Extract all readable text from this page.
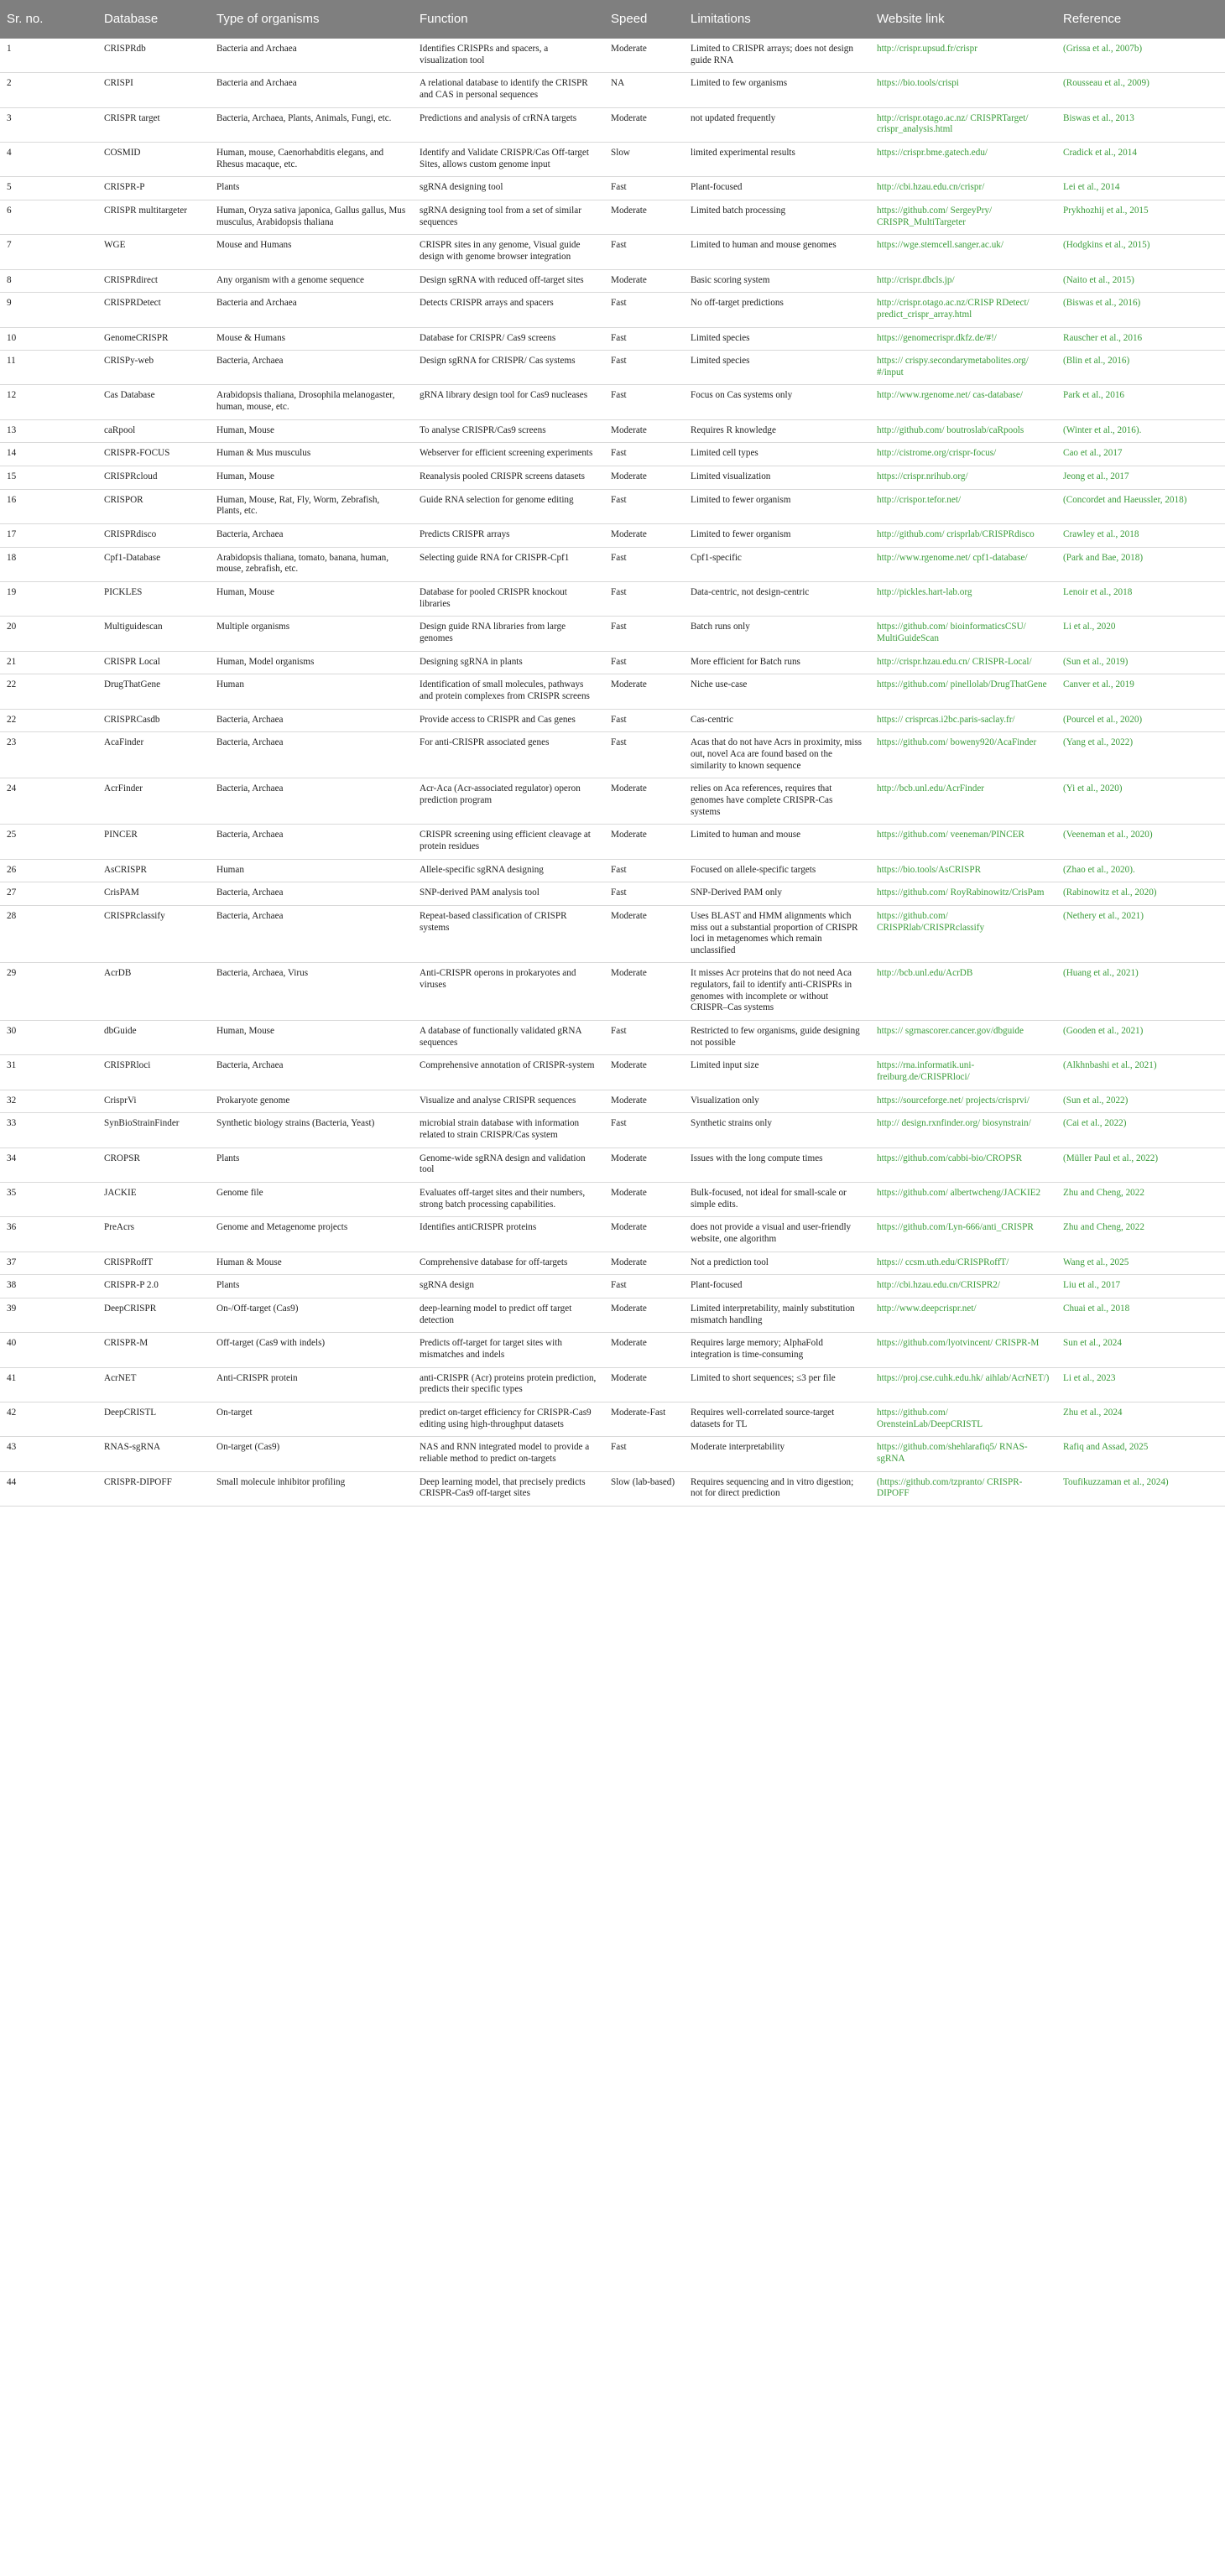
Sr. no.	Database	Type of organisms	Function	Speed	Limitations	Website link	Reference
1	CRISPRdb	Bacteria and Archaea	Identifies CRISPRs and spacers, a visualization tool	Moderate	Limited to CRISPR arrays; does not design guide RNA	http://crispr.upsud.fr/crispr	(Grissa et al., 2007b)
2	CRISPI	Bacteria and Archaea	A relational database to identify the CRISPR and CAS in personal sequences	NA	Limited to few organisms	https://bio.tools/crispi	(Rousseau et al., 2009)
3	CRISPR target	Bacteria, Archaea, Plants, Animals, Fungi, etc.	Predictions and analysis of crRNA targets	Moderate	not updated frequently	http://crispr.otago.ac.nz/ CRISPRTarget/ crispr_analysis.html	Biswas et al., 2013
4	COSMID	Human, mouse, Caenorhabditis elegans, and Rhesus macaque, etc.	Identify and Validate CRISPR/Cas Off-target Sites, allows custom genome input	Slow	limited experimental results	https://crispr.bme.gatech.edu/	Cradick et al., 2014
5	CRISPR-P	Plants	sgRNA designing tool	Fast	Plant-focused	http://cbi.hzau.edu.cn/crispr/	Lei et al., 2014
6	CRISPR multitargeter	Human, Oryza sativa japonica, Gallus gallus, Mus musculus, Arabidopsis thaliana	sgRNA designing tool from a set of similar sequences	Moderate	Limited batch processing	https://github.com/ SergeyPry/ CRISPR_MultiTargeter	Prykhozhij et al., 2015
7	WGE	Mouse and Humans	CRISPR sites in any genome, Visual guide design with genome browser integration	Fast	Limited to human and mouse genomes	https://wge.stemcell.sanger.ac.uk/	(Hodgkins et al., 2015)
8	CRISPRdirect	Any organism with a genome sequence	Design sgRNA with reduced off-target sites	Moderate	Basic scoring system	http://crispr.dbcls.jp/	(Naito et al., 2015)
9	CRISPRDetect	Bacteria and Archaea	Detects CRISPR arrays and spacers	Fast	No off-target predictions	http://crispr.otago.ac.nz/CRISP RDetect/ predict_crispr_array.html	(Biswas et al., 2016)
10	GenomeCRISPR	Mouse & Humans	Database for CRISPR/ Cas9 screens	Fast	Limited species	https://genomecrispr.dkfz.de/#!/	Rauscher et al., 2016
11	CRISPy-web	Bacteria, Archaea	Design sgRNA for CRISPR/ Cas systems	Fast	Limited species	https:// crispy.secondarymetabolites.org/ #/input	(Blin et al., 2016)
12	Cas Database	Arabidopsis thaliana, Drosophila melanogaster, human, mouse, etc.	gRNA library design tool for Cas9 nucleases	Fast	Focus on Cas systems only	http://www.rgenome.net/ cas-database/	Park et al., 2016
13	caRpool	Human, Mouse	To analyse CRISPR/Cas9 screens	Moderate	Requires R knowledge	http://github.com/ boutroslab/caRpools	(Winter et al., 2016).
14	CRISPR-FOCUS	Human & Mus musculus	Webserver for efficient screening experiments	Fast	Limited cell types	http://cistrome.org/crispr-focus/	Cao et al., 2017
15	CRISPRcloud	Human, Mouse	Reanalysis pooled CRISPR screens datasets	Moderate	Limited visualization	https://crispr.nrihub.org/	Jeong et al., 2017
16	CRISPOR	Human, Mouse, Rat, Fly, Worm, Zebrafish, Plants, etc.	Guide RNA selection for genome editing	Fast	Limited to fewer organism	http://crispor.tefor.net/	(Concordet and Haeussler, 2018)
17	CRISPRdisco	Bacteria, Archaea	Predicts CRISPR arrays	Moderate	Limited to fewer organism	http://github.com/ crisprlab/CRISPRdisco	Crawley et al., 2018
18	Cpf1-Database	Arabidopsis thaliana, tomato, banana, human, mouse, zebrafish, etc.	Selecting guide RNA for CRISPR-Cpf1	Fast	Cpf1-specific	http://www.rgenome.net/ cpf1-database/	(Park and Bae, 2018)
19	PICKLES	Human, Mouse	Database for pooled CRISPR knockout libraries	Fast	Data-centric, not design-centric	http://pickles.hart-lab.org	Lenoir et al., 2018
20	Multiguidescan	Multiple organisms	Design guide RNA libraries from large genomes	Fast	Batch runs only	https://github.com/ bioinformaticsCSU/ MultiGuideScan	Li et al., 2020
21	CRISPR Local	Human, Model organisms	Designing sgRNA in plants	Fast	More efficient for Batch runs	http://crispr.hzau.edu.cn/ CRISPR-Local/	(Sun et al., 2019)
22	DrugThatGene	Human	Identification of small molecules, pathways and protein complexes from CRISPR screens	Moderate	Niche use-case	https://github.com/ pinellolab/DrugThatGene	Canver et al., 2019
22	CRISPRCasdb	Bacteria, Archaea	Provide access to CRISPR and Cas genes	Fast	Cas-centric	https:// crisprcas.i2bc.paris-saclay.fr/	(Pourcel et al., 2020)
23	AcaFinder	Bacteria, Archaea	For anti-CRISPR associated genes	Fast	Acas that do not have Acrs in proximity, miss out, novel Aca are found based on the similarity to known sequence	https://github.com/ boweny920/AcaFinder	(Yang et al., 2022)
24	AcrFinder	Bacteria, Archaea	Acr-Aca (Acr-associated regulator) operon prediction program	Moderate	relies on Aca references, requires that genomes have complete CRISPR-Cas systems	http://bcb.unl.edu/AcrFinder	(Yi et al., 2020)
25	PINCER	Bacteria, Archaea	CRISPR screening using efficient cleavage at protein residues	Moderate	Limited to human and mouse	https://github.com/ veeneman/PINCER	(Veeneman et al., 2020)
26	AsCRISPR	Human	Allele-specific sgRNA designing	Fast	Focused on allele-specific targets	https://bio.tools/AsCRISPR	(Zhao et al., 2020).
27	CrisPAM	Bacteria, Archaea	SNP-derived PAM analysis tool	Fast	SNP-Derived PAM only	https://github.com/ RoyRabinowitz/CrisPam	(Rabinowitz et al., 2020)
28	CRISPRclassify	Bacteria, Archaea	Repeat-based classification of CRISPR systems	Moderate	Uses BLAST and HMM alignments which miss out a substantial proportion of CRISPR loci in metagenomes which remain unclassified	https://github.com/ CRISPRlab/CRISPRclassify	(Nethery et al., 2021)
29	AcrDB	Bacteria, Archaea, Virus	Anti-CRISPR operons in prokaryotes and viruses	Moderate	It misses Acr proteins that do not need Aca regulators, fail to identify anti-CRISPRs in genomes with incomplete or without CRISPR–Cas systems	http://bcb.unl.edu/AcrDB	(Huang et al., 2021)
30	dbGuide	Human, Mouse	A database of functionally validated gRNA sequences	Fast	Restricted to few organisms, guide designing not possible	https:// sgrnascorer.cancer.gov/dbguide	(Gooden et al., 2021)
31	CRISPRloci	Bacteria, Archaea	Comprehensive annotation of CRISPR-system	Moderate	Limited input size	https://rna.informatik.uni-freiburg.de/CRISPRloci/	(Alkhnbashi et al., 2021)
32	CrisprVi	Prokaryote genome	Visualize and analyse CRISPR sequences	Moderate	Visualization only	https://sourceforge.net/ projects/crisprvi/	(Sun et al., 2022)
33	SynBioStrainFinder	Synthetic biology strains (Bacteria, Yeast)	microbial strain database with information related to strain CRISPR/Cas system	Fast	Synthetic strains only	http:// design.rxnfinder.org/ biosynstrain/	(Cai et al., 2022)
34	CROPSR	Plants	Genome-wide sgRNA design and validation tool	Moderate	Issues with the long compute times	https://github.com/cabbi-bio/CROPSR	(Müller Paul et al., 2022)
35	JACKIE	Genome file	Evaluates off-target sites and their numbers, strong batch processing capabilities.	Moderate	Bulk-focused, not ideal for small-scale or simple edits.	https://github.com/ albertwcheng/JACKIE2	Zhu and Cheng, 2022
36	PreAcrs	Genome and Metagenome projects	Identifies antiCRISPR proteins	Moderate	does not provide a visual and user-friendly website, one algorithm	https://github.com/Lyn-666/anti_CRISPR	Zhu and Cheng, 2022
37	CRISPRoffT	Human & Mouse	Comprehensive database for off-targets	Moderate	Not a prediction tool	https:// ccsm.uth.edu/CRISPRoffT/	Wang et al., 2025
38	CRISPR-P 2.0	Plants	sgRNA design	Fast	Plant-focused	http://cbi.hzau.edu.cn/CRISPR2/	Liu et al., 2017
39	DeepCRISPR	On-/Off-target (Cas9)	deep-learning model to predict off target detection	Moderate	Limited interpretability, mainly substitution mismatch handling	http://www.deepcrispr.net/	Chuai et al., 2018
40	CRISPR-M	Off-target (Cas9 with indels)	Predicts off-target for target sites with mismatches and indels	Moderate	Requires large memory; AlphaFold integration is time-consuming	https://github.com/lyotvincent/ CRISPR-M	Sun et al., 2024
41	AcrNET	Anti-CRISPR protein	anti-CRISPR (Acr) proteins protein prediction, predicts their specific types	Moderate	Limited to short sequences; ≤3 per file	https://proj.cse.cuhk.edu.hk/ aihlab/AcrNET/)	Li et al., 2023
42	DeepCRISTL	On-target	predict on-target efficiency for CRISPR-Cas9 editing using high-throughput datasets	Moderate-Fast	Requires well-correlated source-target datasets for TL	https://github.com/ OrensteinLab/DeepCRISTL	Zhu et al., 2024
43	RNAS-sgRNA	On-target (Cas9)	NAS and RNN integrated model to provide a reliable method to predict on-targets	Fast	Moderate interpretability	https://github.com/shehlarafiq5/ RNAS-sgRNA	Rafiq and Assad, 2025
44	CRISPR-DIPOFF	Small molecule inhibitor profiling	Deep learning model, that precisely predicts CRISPR-Cas9 off-target sites	Slow (lab-based)	Requires sequencing and in vitro digestion; not for direct prediction	(https://github.com/tzpranto/ CRISPR-DIPOFF	Toufikuzzaman et al., 2024)
